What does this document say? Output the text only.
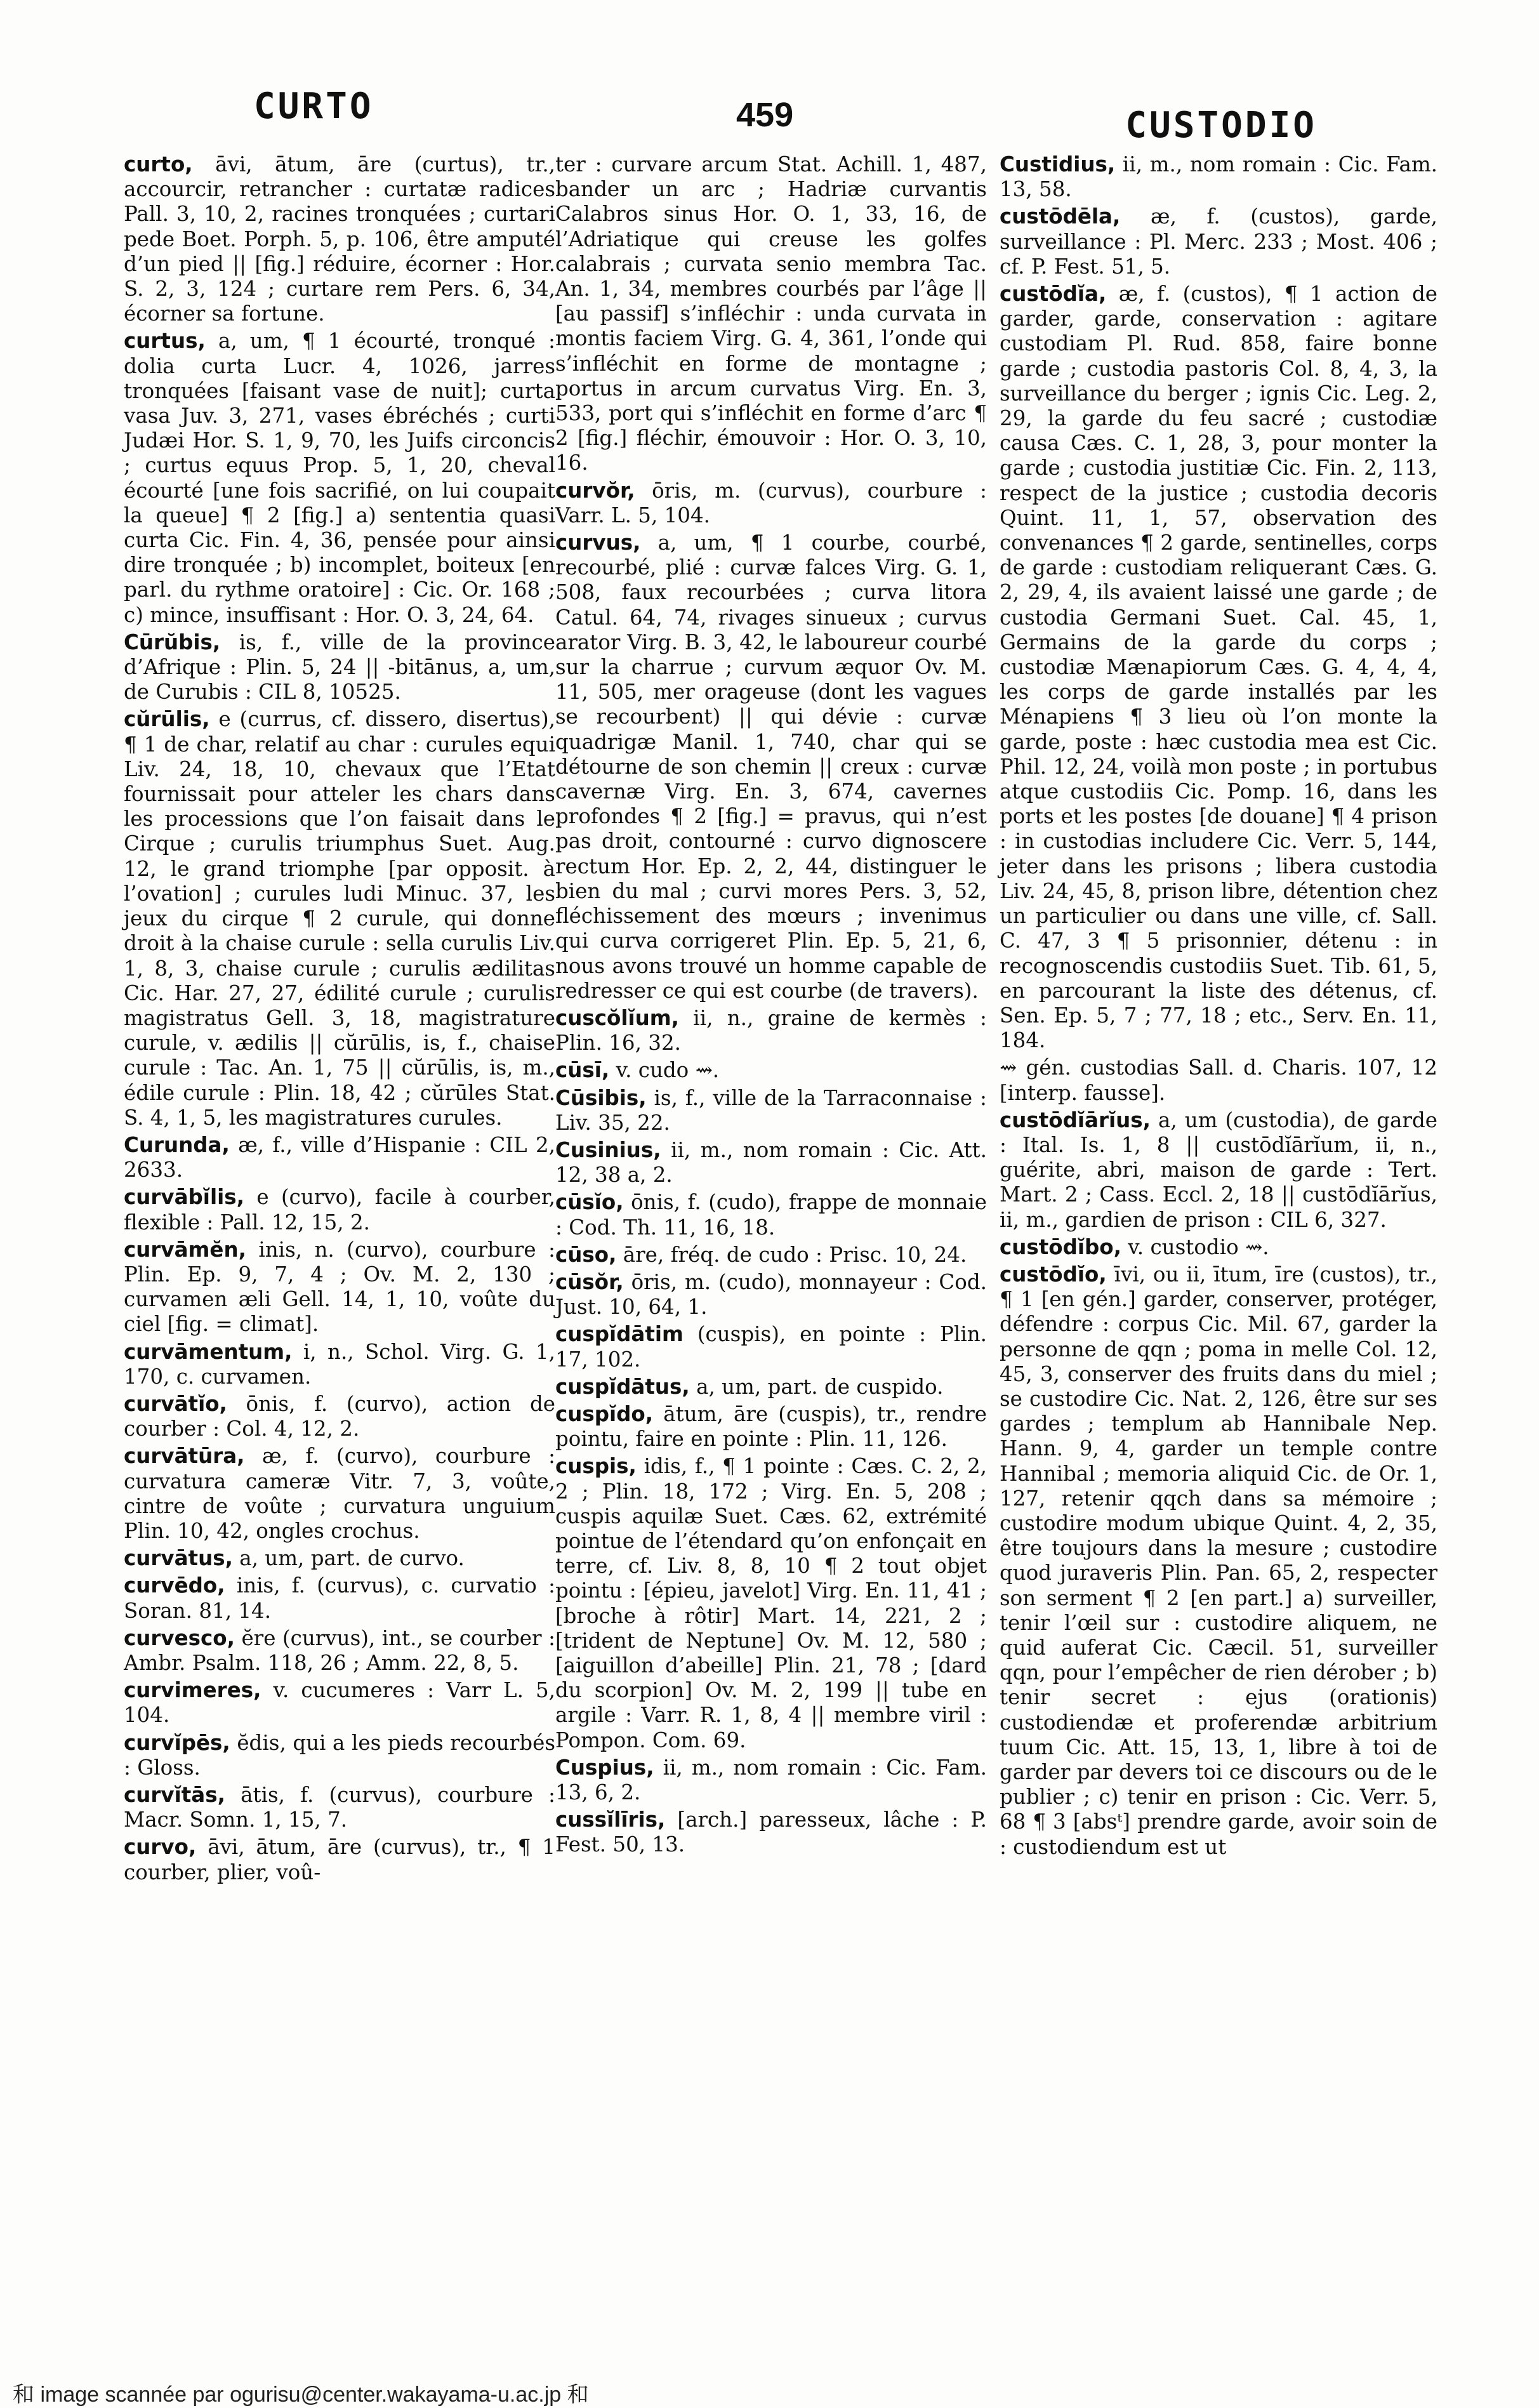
CURTO	459	CUSTODIO

curto, āvi, ātum, āre (curtus), tr., accourcir, retrancher : curtatæ radices Pall. 3, 10, 2, racines tronquées ; curtari pede Boet. Porph. 5, p. 106, être amputé d’un pied || [fig.] réduire, écorner : Hor. S. 2, 3, 124 ; curtare rem Pers. 6, 34, écorner sa fortune.

curtus, a, um, ¶ 1 écourté, tronqué : dolia curta Lucr. 4, 1026, jarres tronquées [faisant vase de nuit]; curta vasa Juv. 3, 271, vases ébréchés ; curti Judæi Hor. S. 1, 9, 70, les Juifs circoncis ; curtus equus Prop. 5, 1, 20, cheval écourté [une fois sacrifié, on lui coupait la queue] ¶ 2 [fig.] a) sententia quasi curta Cic. Fin. 4, 36, pensée pour ainsi dire tronquée ; b) incomplet, boiteux [en parl. du rythme oratoire] : Cic. Or. 168 ; c) mince, insuffisant : Hor. O. 3, 24, 64.

Cūrŭbis, is, f., ville de la province d’Afrique : Plin. 5, 24 || -bitānus, a, um, de Curubis : CIL 8, 10525.

cŭrūlis, e (currus, cf. dissero, disertus), ¶ 1 de char, relatif au char : curules equi Liv. 24, 18, 10, chevaux que l’Etat fournissait pour atteler les chars dans les processions que l’on faisait dans le Cirque ; curulis triumphus Suet. Aug. 12, le grand triomphe [par opposit. à l’ovation] ; curules ludi Minuc. 37, les jeux du cirque ¶ 2 curule, qui donne droit à la chaise curule : sella curulis Liv. 1, 8, 3, chaise curule ; curulis ædilitas Cic. Har. 27, 27, édilité curule ; curulis magistratus Gell. 3, 18, magistrature curule, v. ædilis || cŭrūlis, is, f., chaise curule : Tac. An. 1, 75 || cŭrūlis, is, m., édile curule : Plin. 18, 42 ; cŭrūles Stat. S. 4, 1, 5, les magistratures curules.

Curunda, æ, f., ville d’Hispanie : CIL 2, 2633.

curvābĭlis, e (curvo), facile à courber, flexible : Pall. 12, 15, 2.

curvāmĕn, inis, n. (curvo), courbure : Plin. Ep. 9, 7, 4 ; Ov. M. 2, 130 ; curvamen æli Gell. 14, 1, 10, voûte du ciel [fig. = climat].

curvāmentum, i, n., Schol. Virg. G. 1, 170, c. curvamen.

curvātĭo, ōnis, f. (curvo), action de courber : Col. 4, 12, 2.

curvātūra, æ, f. (curvo), courbure : curvatura cameræ Vitr. 7, 3, voûte, cintre de voûte ; curvatura unguium Plin. 10, 42, ongles crochus.

curvātus, a, um, part. de curvo.

curvēdo, inis, f. (curvus), c. curvatio : Soran. 81, 14.

curvesco, ĕre (curvus), int., se courber : Ambr. Psalm. 118, 26 ; Amm. 22, 8, 5.

curvimeres, v. cucumeres : Varr L. 5, 104.

curvĭpēs, ĕdis, qui a les pieds recourbés : Gloss.

curvĭtās, ātis, f. (curvus), courbure : Macr. Somn. 1, 15, 7.

curvo, āvi, ātum, āre (curvus), tr., ¶ 1 courber, plier, voû-

ter : curvare arcum Stat. Achill. 1, 487, bander un arc ; Hadriæ curvantis Calabros sinus Hor. O. 1, 33, 16, de l’Adriatique qui creuse les golfes calabrais ; curvata senio membra Tac. An. 1, 34, membres courbés par l’âge || [au passif] s’infléchir : unda curvata in montis faciem Virg. G. 4, 361, l’onde qui s’infléchit en forme de montagne ; portus in arcum curvatus Virg. En. 3, 533, port qui s’infléchit en forme d’arc ¶ 2 [fig.] fléchir, émouvoir : Hor. O. 3, 10, 16.

curvŏr, ōris, m. (curvus), courbure : Varr. L. 5, 104.

curvus, a, um, ¶ 1 courbe, courbé, recourbé, plié : curvæ falces Virg. G. 1, 508, faux recourbées ; curva litora Catul. 64, 74, rivages sinueux ; curvus arator Virg. B. 3, 42, le laboureur courbé sur la charrue ; curvum æquor Ov. M. 11, 505, mer orageuse (dont les vagues se recourbent) || qui dévie : curvæ quadrigæ Manil. 1, 740, char qui se détourne de son chemin || creux : curvæ cavernæ Virg. En. 3, 674, cavernes profondes ¶ 2 [fig.] = pravus, qui n’est pas droit, contourné : curvo dignoscere rectum Hor. Ep. 2, 2, 44, distinguer le bien du mal ; curvi mores Pers. 3, 52, fléchissement des mœurs ; invenimus qui curva corrigeret Plin. Ep. 5, 21, 6, nous avons trouvé un homme capable de redresser ce qui est courbe (de travers).

cuscŏlĭum, ii, n., graine de kermès : Plin. 16, 32.

cūsī, v. cudo ⇝.

Cūsibis, is, f., ville de la Tarraconnaise : Liv. 35, 22.

Cusinius, ii, m., nom romain : Cic. Att. 12, 38 a, 2.

cūsĭo, ōnis, f. (cudo), frappe de monnaie : Cod. Th. 11, 16, 18.

cūso, āre, fréq. de cudo : Prisc. 10, 24.

cūsŏr, ōris, m. (cudo), monnayeur : Cod. Just. 10, 64, 1.

cuspĭdātim (cuspis), en pointe : Plin. 17, 102.

cuspĭdātus, a, um, part. de cuspido.

cuspĭdo, ātum, āre (cuspis), tr., rendre pointu, faire en pointe : Plin. 11, 126.

cuspis, idis, f., ¶ 1 pointe : Cæs. C. 2, 2, 2 ; Plin. 18, 172 ; Virg. En. 5, 208 ; cuspis aquilæ Suet. Cæs. 62, extrémité pointue de l’étendard qu’on enfonçait en terre, cf. Liv. 8, 8, 10 ¶ 2 tout objet pointu : [épieu, javelot] Virg. En. 11, 41 ; [broche à rôtir] Mart. 14, 221, 2 ; [trident de Neptune] Ov. M. 12, 580 ; [aiguillon d’abeille] Plin. 21, 78 ; [dard du scorpion] Ov. M. 2, 199 || tube en argile : Varr. R. 1, 8, 4 || membre viril : Pompon. Com. 69.

Cuspius, ii, m., nom romain : Cic. Fam. 13, 6, 2.

cussĭlīris, [arch.] paresseux, lâche : P. Fest. 50, 13.

Custidius, ii, m., nom romain : Cic. Fam. 13, 58.

custōdēla, æ, f. (custos), garde, surveillance : Pl. Merc. 233 ; Most. 406 ; cf. P. Fest. 51, 5.

custōdĭa, æ, f. (custos), ¶ 1 action de garder, garde, conservation : agitare custodiam Pl. Rud. 858, faire bonne garde ; custodia pastoris Col. 8, 4, 3, la surveillance du berger ; ignis Cic. Leg. 2, 29, la garde du feu sacré ; custodiæ causa Cæs. C. 1, 28, 3, pour monter la garde ; custodia justitiæ Cic. Fin. 2, 113, respect de la justice ; custodia decoris Quint. 11, 1, 57, observation des convenances ¶ 2 garde, sentinelles, corps de garde : custodiam reliquerant Cæs. G. 2, 29, 4, ils avaient laissé une garde ; de custodia Germani Suet. Cal. 45, 1, Germains de la garde du corps ; custodiæ Mænapiorum Cæs. G. 4, 4, 4, les corps de garde installés par les Ménapiens ¶ 3 lieu où l’on monte la garde, poste : hæc custodia mea est Cic. Phil. 12, 24, voilà mon poste ; in portubus atque custodiis Cic. Pomp. 16, dans les ports et les postes [de douane] ¶ 4 prison : in custodias includere Cic. Verr. 5, 144, jeter dans les prisons ; libera custodia Liv. 24, 45, 8, prison libre, détention chez un particulier ou dans une ville, cf. Sall. C. 47, 3 ¶ 5 prisonnier, détenu : in recognoscendis custodiis Suet. Tib. 61, 5, en parcourant la liste des détenus, cf. Sen. Ep. 5, 7 ; 77, 18 ; etc., Serv. En. 11, 184.

⇝ gén. custodias Sall. d. Charis. 107, 12 [interp. fausse].

custōdĭārĭus, a, um (custodia), de garde : Ital. Is. 1, 8 || custōdĭārĭum, ii, n., guérite, abri, maison de garde : Tert. Mart. 2 ; Cass. Eccl. 2, 18 || custōdĭārĭus, ii, m., gardien de prison : CIL 6, 327.

custōdĭbo, v. custodio ⇝.

custōdĭo, īvi, ou ii, ītum, īre (custos), tr., ¶ 1 [en gén.] garder, conserver, protéger, défendre : corpus Cic. Mil. 67, garder la personne de qqn ; poma in melle Col. 12, 45, 3, conserver des fruits dans du miel ; se custodire Cic. Nat. 2, 126, être sur ses gardes ; templum ab Hannibale Nep. Hann. 9, 4, garder un temple contre Hannibal ; memoria aliquid Cic. de Or. 1, 127, retenir qqch dans sa mémoire ; custodire modum ubique Quint. 4, 2, 35, être toujours dans la mesure ; custodire quod juraveris Plin. Pan. 65, 2, respecter son serment ¶ 2 [en part.] a) surveiller, tenir l’œil sur : custodire aliquem, ne quid auferat Cic. Cæcil. 51, surveiller qqn, pour l’empêcher de rien dérober ; b) tenir secret : ejus (orationis) custodiendæ et proferendæ arbitrium tuum Cic. Att. 15, 13, 1, libre à toi de garder par devers toi ce discours ou de le publier ; c) tenir en prison : Cic. Verr. 5, 68 ¶ 3 [absᵗ] prendre garde, avoir soin de : custodiendum est ut

和 image scannée par ogurisu@center.wakayama-u.ac.jp 和
